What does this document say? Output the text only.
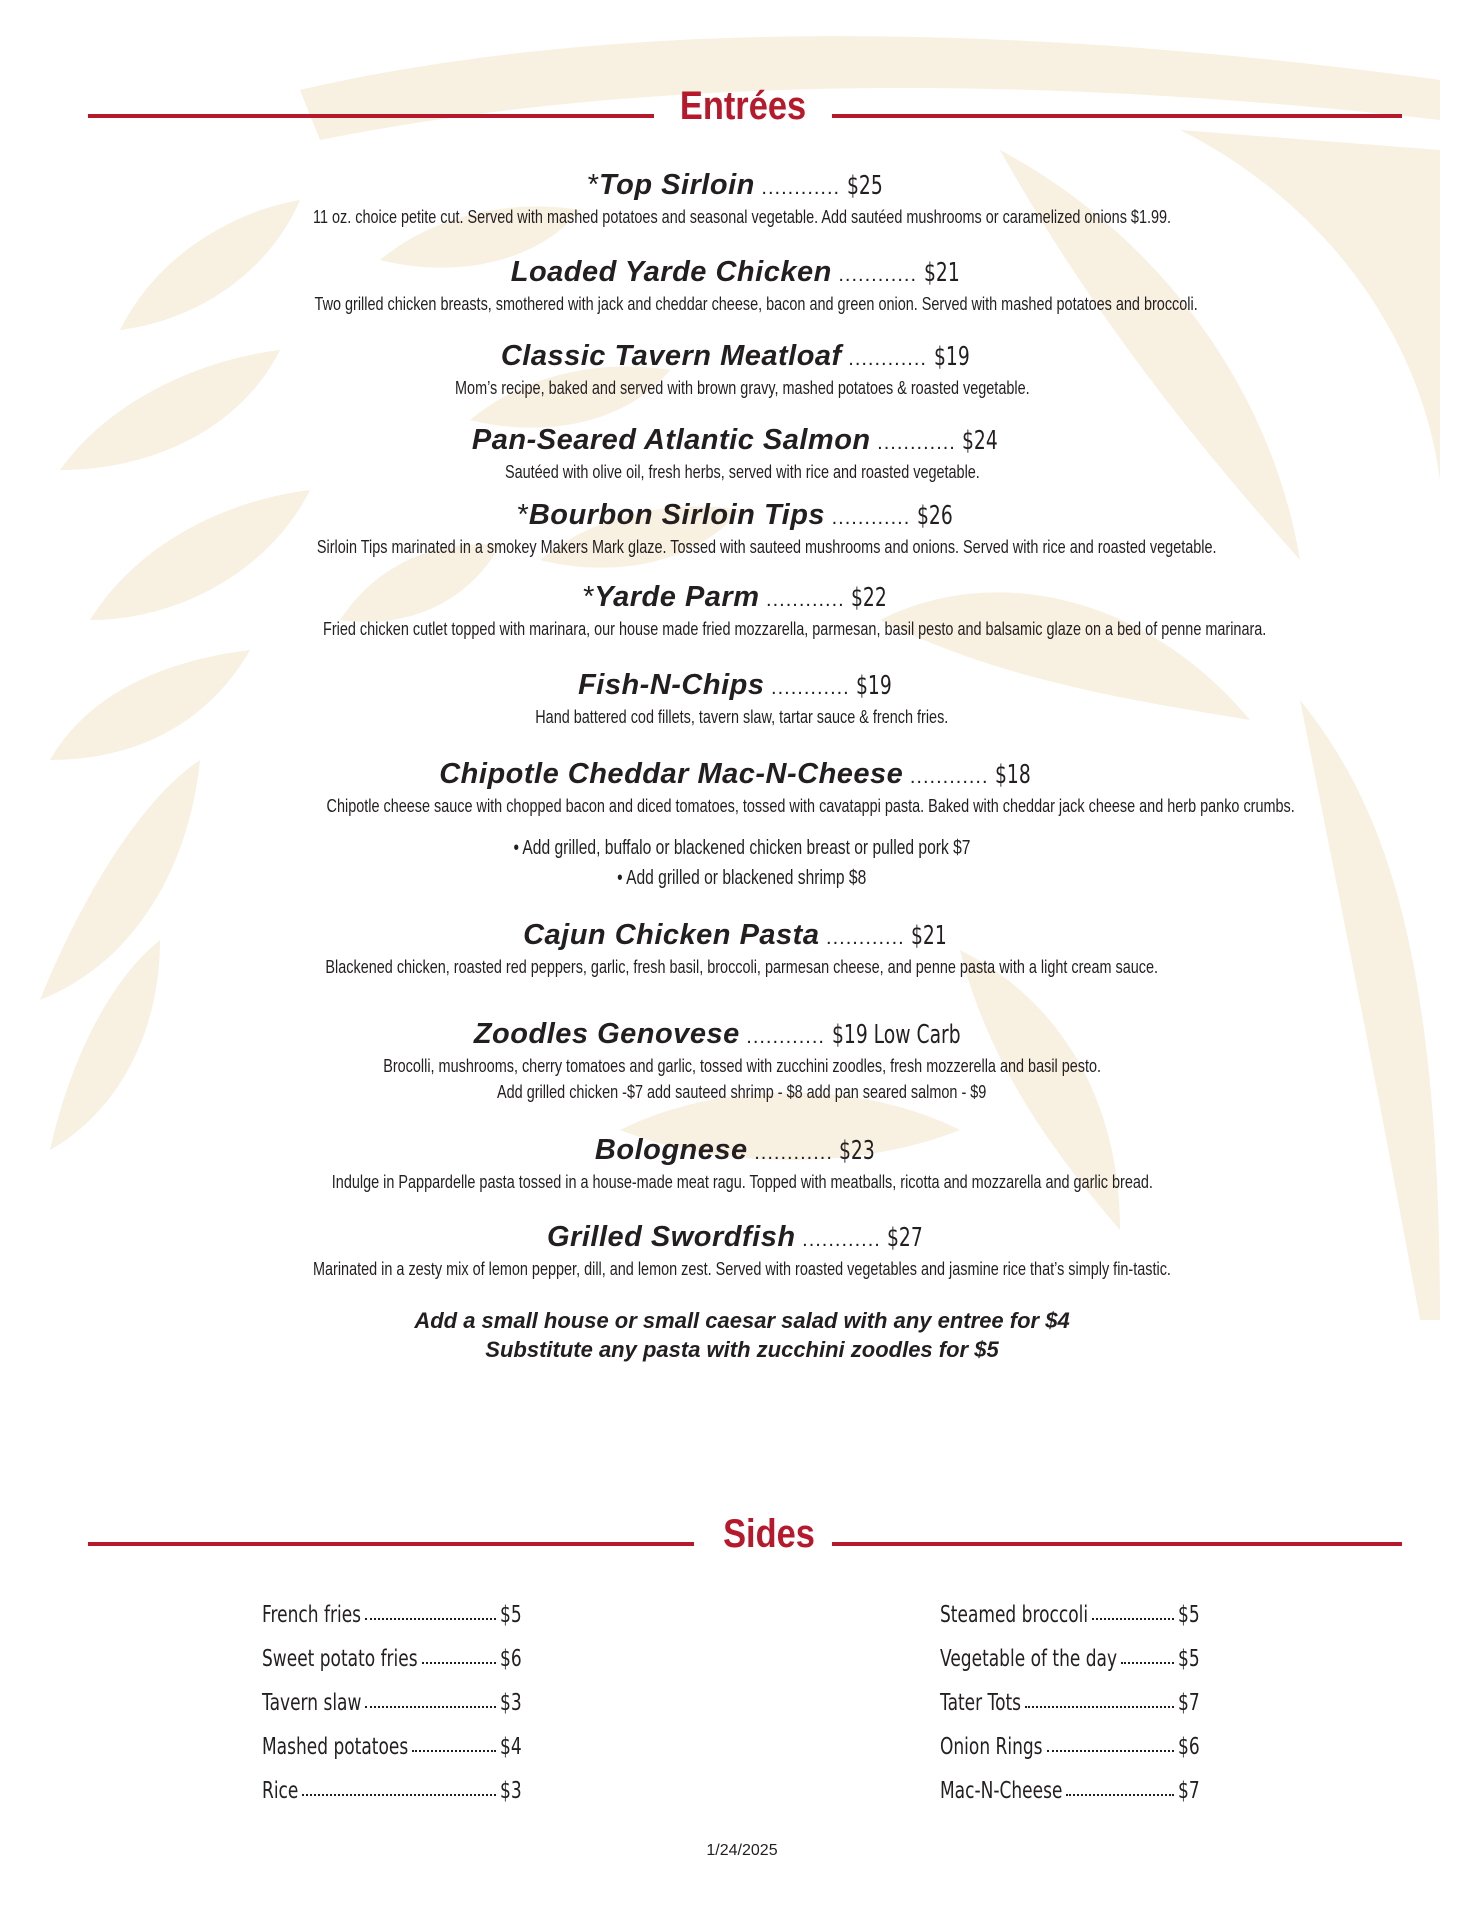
Entrées
*Top Sirloin ............ $25
11 oz. choice petite cut. Served with mashed potatoes and seasonal vegetable. Add sautéed mushrooms or caramelized onions $1.99.
Loaded Yarde Chicken ............ $21
Two grilled chicken breasts, smothered with jack and cheddar cheese, bacon and green onion. Served with mashed potatoes and broccoli.
Classic Tavern Meatloaf ............ $19
Mom’s recipe, baked and served with brown gravy, mashed potatoes & roasted vegetable.
Pan-Seared Atlantic Salmon ............ $24
Sautéed with olive oil, fresh herbs, served with rice and roasted vegetable.
*Bourbon Sirloin Tips ............ $26
Sirloin Tips marinated in a smokey Makers Mark glaze. Tossed with sauteed mushrooms and onions. Served with rice and roasted vegetable.
*Yarde Parm ............ $22
Fried chicken cutlet topped with marinara, our house made fried mozzarella, parmesan, basil pesto and balsamic glaze on a bed of penne marinara.
Fish-N-Chips ............ $19
Hand battered cod fillets, tavern slaw, tartar sauce & french fries.
Chipotle Cheddar Mac-N-Cheese ............ $18
Chipotle cheese sauce with chopped bacon and diced tomatoes, tossed with cavatappi pasta. Baked with cheddar jack cheese and herb panko crumbs.
• Add grilled, buffalo or blackened chicken breast or pulled pork $7
• Add grilled or blackened shrimp $8
Cajun Chicken Pasta ............ $21
Blackened chicken, roasted red peppers, garlic, fresh basil, broccoli, parmesan cheese, and penne pasta with a light cream sauce.
Zoodles Genovese ............ $19 Low Carb
Brocolli, mushrooms, cherry tomatoes and garlic, tossed with zucchini zoodles, fresh mozzerella and basil pesto.
Add grilled chicken -$7 add sauteed shrimp - $8 add pan seared salmon - $9
Bolognese ............ $23
Indulge in Pappardelle pasta tossed in a house-made meat ragu. Topped with meatballs, ricotta and mozzarella and garlic bread.
Grilled Swordfish ............ $27
Marinated in a zesty mix of lemon pepper, dill, and lemon zest. Served with roasted vegetables and jasmine rice that’s simply fin-tastic.
Add a small house or small caesar salad with any entree for $4
Substitute any pasta with zucchini zoodles for $5
Sides
French fries	$5
Sweet potato fries	$6
Tavern slaw	$3
Mashed potatoes	$4
Rice	$3
Steamed broccoli	$5
Vegetable of the day	$5
Tater Tots	$7
Onion Rings	$6
Mac-N-Cheese	$7
1/24/2025
